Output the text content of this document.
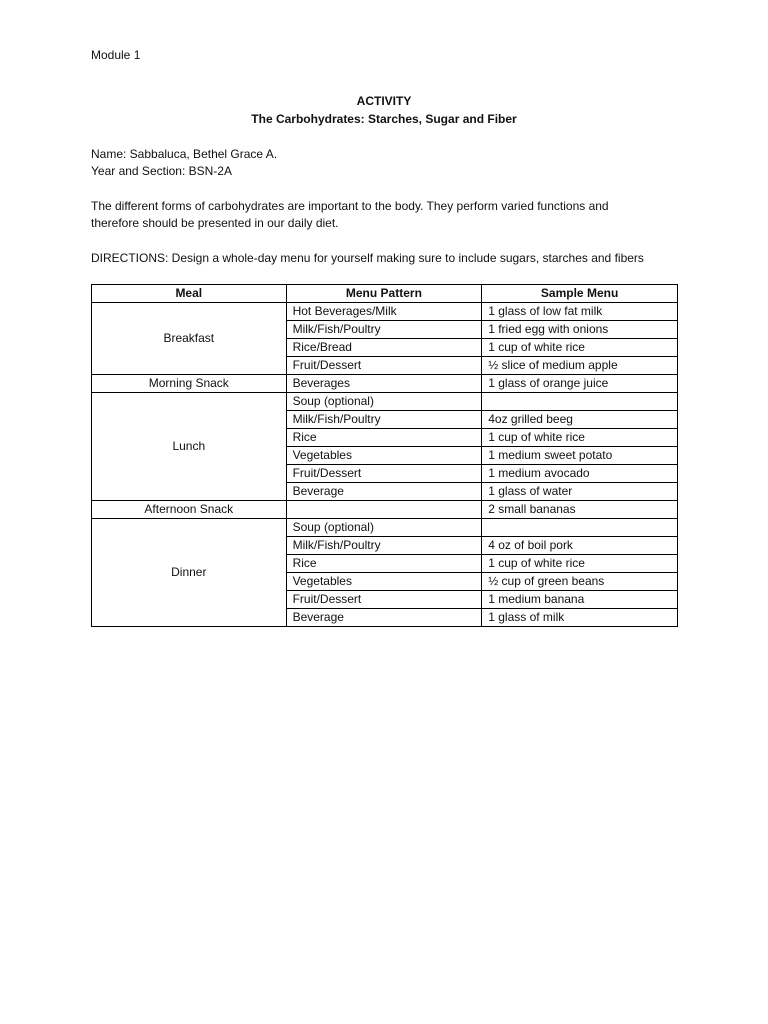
Module 1
ACTIVITY
The Carbohydrates: Starches, Sugar and Fiber
Name: Sabbaluca, Bethel Grace A.
Year and Section: BSN-2A
The different forms of carbohydrates are important to the body. They perform varied functions and
therefore should be presented in our daily diet.
DIRECTIONS: Design a whole-day menu for yourself making sure to include sugars, starches and fibers
Meal	Menu Pattern	Sample Menu
Breakfast	Hot Beverages/Milk	1 glass of low fat milk
	Milk/Fish/Poultry	1 fried egg with onions
	Rice/Bread	1 cup of white rice
	Fruit/Dessert	½ slice of medium apple
Morning Snack	Beverages	1 glass of orange juice
Lunch	Soup (optional)	
	Milk/Fish/Poultry	4oz grilled beeg
	Rice	1 cup of white rice
	Vegetables	1 medium sweet potato
	Fruit/Dessert	1 medium avocado
	Beverage	1 glass of water
Afternoon Snack		2 small bananas
Dinner	Soup (optional)	
	Milk/Fish/Poultry	4 oz of boil pork
	Rice	1 cup of white rice
	Vegetables	½ cup of green beans
	Fruit/Dessert	1 medium banana
	Beverage	1 glass of milk
